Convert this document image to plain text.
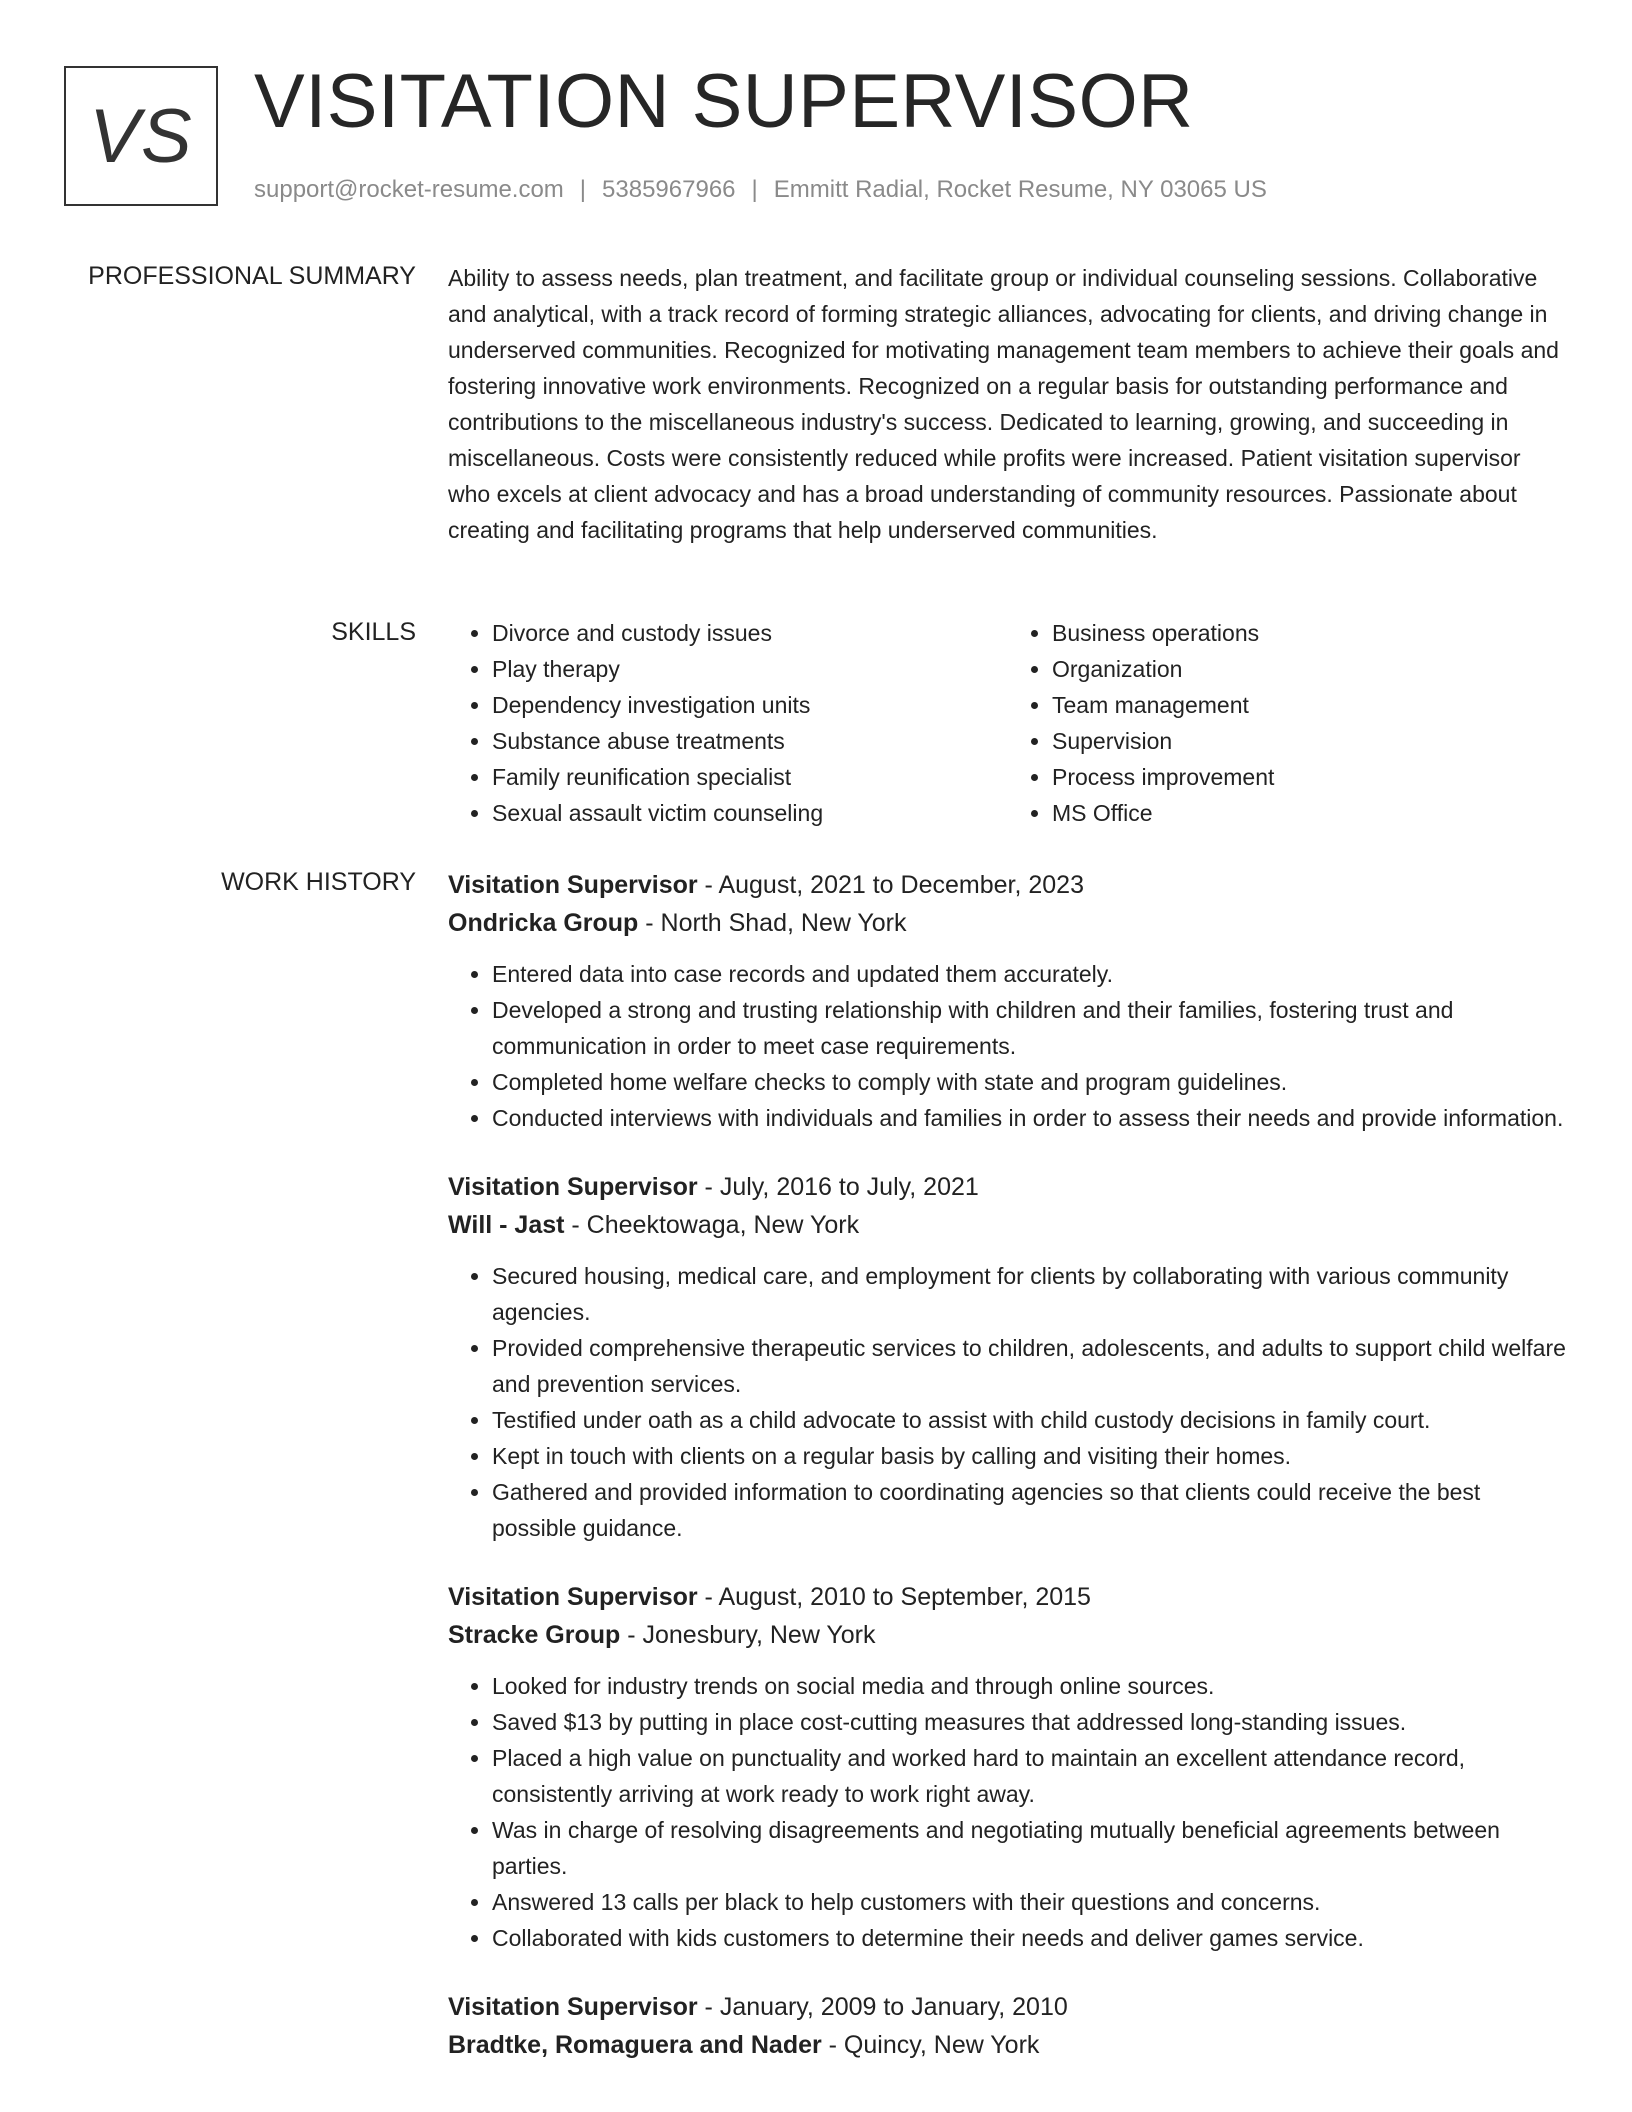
VS VISITATION SUPERVISOR
support@rocket-resume.com | 5385967966 | Emmitt Radial, Rocket Resume, NY 03065 US
PROFESSIONAL SUMMARY Ability to assess needs, plan treatment, and facilitate group or individual counseling sessions. Collaborative and analytical, with a track record of forming strategic alliances, advocating for clients, and driving change in underserved communities. Recognized for motivating management team members to achieve their goals and fostering innovative work environments. Recognized on a regular basis for outstanding performance and contributions to the miscellaneous industry's success. Dedicated to learning, growing, and succeeding in miscellaneous. Costs were consistently reduced while profits were increased. Patient visitation supervisor who excels at client advocacy and has a broad understanding of community resources. Passionate about creating and facilitating programs that help underserved communities.

SKILLS
•	Divorce and custody issues
• Play therapy
• Dependency investigation units
• Substance abuse treatments
• Family reunification specialist
• Sexual assault victim counseling
• Business operations
• Organization
• Team management
• Supervision
• Process improvement
• MS Office
WORK HISTORY Visitation Supervisor - August, 2021 to December, 2023
Ondricka Group - North Shad, New York
• Entered data into case records and updated them accurately.
• Developed a strong and trusting relationship with children and their families, fostering trust and communication in order to meet case requirements.
• Completed home welfare checks to comply with state and program guidelines.
• Conducted interviews with individuals and families in order to assess their needs and provide information.
Visitation Supervisor - July, 2016 to July, 2021
Will - Jast - Cheektowaga, New York
• Secured housing, medical care, and employment for clients by collaborating with various community agencies.
• Provided comprehensive therapeutic services to children, adolescents, and adults to support child welfare and prevention services.
• Testified under oath as a child advocate to assist with child custody decisions in family court.
• Kept in touch with clients on a regular basis by calling and visiting their homes.
• Gathered and provided information to coordinating agencies so that clients could receive the best possible guidance.
Visitation Supervisor - August, 2010 to September, 2015
Stracke Group - Jonesbury, New York
• Looked for industry trends on social media and through online sources.
• Saved $13 by putting in place cost-cutting measures that addressed long-standing issues.
• Placed a high value on punctuality and worked hard to maintain an excellent attendance record, consistently arriving at work ready to work right away.
• Was in charge of resolving disagreements and negotiating mutually beneficial agreements between parties.
• Answered 13 calls per black to help customers with their questions and concerns.
• Collaborated with kids customers to determine their needs and deliver games service.
Visitation Supervisor - January, 2009 to January, 2010
Bradtke, Romaguera and Nader - Quincy, New York
